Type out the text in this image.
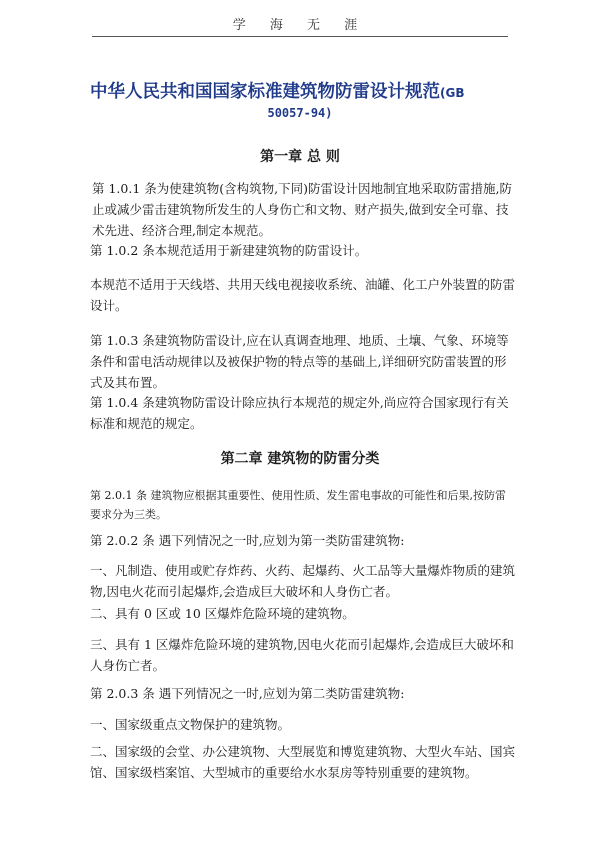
学 海 无 涯
中华人民共和国国家标准建筑物防雷设计规范(GB
50057-94)
第一章 总 则

第 1.0.1 条为使建筑物(含构筑物,下同)防雷设计因地制宜地采取防雷措施,防止或减少雷击建筑物所发生的人身伤亡和文物、财产损失,做到安全可靠、技术先进、经济合理,制定本规范。

第 1.0.2 条本规范适用于新建建筑物的防雷设计。

本规范不适用于天线塔、共用天线电视接收系统、油罐、化工户外装置的防雷设计。

第 1.0.3 条建筑物防雷设计,应在认真调查地理、地质、土壤、气象、环境等条件和雷电活动规律以及被保护物的特点等的基础上,详细研究防雷装置的形式及其布置。

第 1.0.4 条建筑物防雷设计除应执行本规范的规定外,尚应符合国家现行有关标准和规范的规定。

第二章 建筑物的防雷分类

第 2.0.1 条 建筑物应根据其重要性、使用性质、发生雷电事故的可能性和后果,按防雷要求分为三类。

第 2.0.2 条 遇下列情况之一时,应划为第一类防雷建筑物:

一、凡制造、使用或贮存炸药、火药、起爆药、火工品等大量爆炸物质的建筑物,因电火花而引起爆炸,会造成巨大破坏和人身伤亡者。

二、具有 0 区或 10 区爆炸危险环境的建筑物。

三、具有 1 区爆炸危险环境的建筑物,因电火花而引起爆炸,会造成巨大破坏和人身伤亡者。

第 2.0.3 条 遇下列情况之一时,应划为第二类防雷建筑物:

一、国家级重点文物保护的建筑物。

二、国家级的会堂、办公建筑物、大型展览和博览建筑物、大型火车站、国宾馆、国家级档案馆、大型城市的重要给水水泵房等特别重要的建筑物。
